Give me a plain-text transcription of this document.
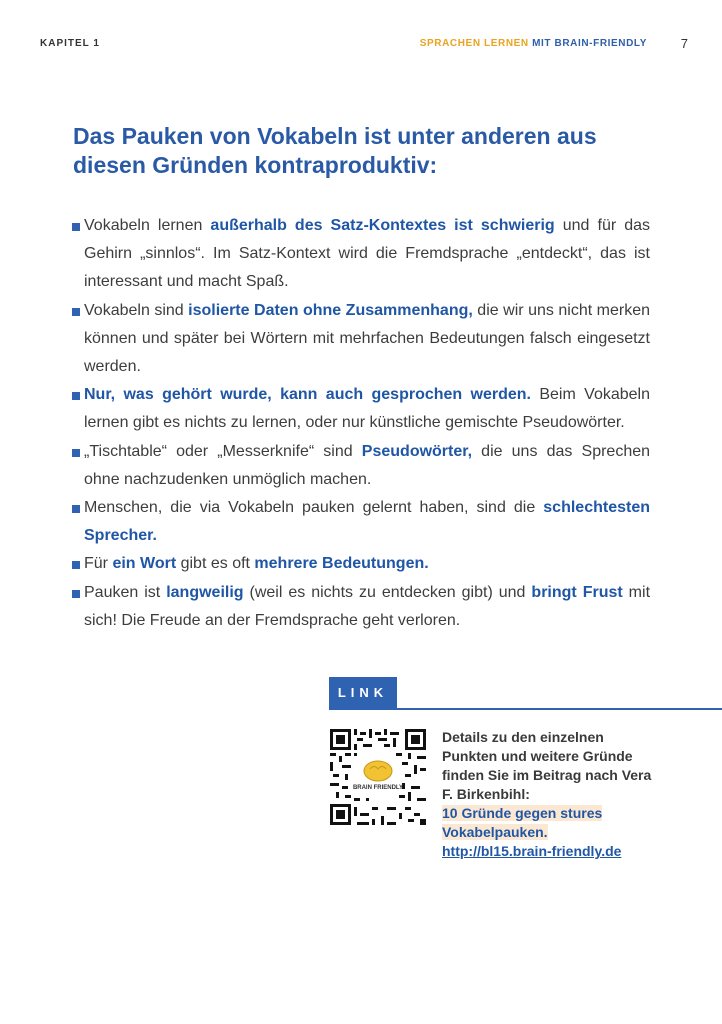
KAPITEL 1	SPRACHEN LERNEN MIT BRAIN-FRIENDLY	7
Das Pauken von Vokabeln ist unter anderen aus diesen Gründen kontraproduktiv:
Vokabeln lernen außerhalb des Satz-Kontextes ist schwierig und für das Gehirn „sinnlos“. Im Satz-Kontext wird die Fremdsprache „entdeckt“, das ist interessant und macht Spaß.
Vokabeln sind isolierte Daten ohne Zusammenhang, die wir uns nicht merken können und später bei Wörtern mit mehrfachen Bedeutungen falsch eingesetzt werden.
Nur, was gehört wurde, kann auch gesprochen werden. Beim Vokabeln lernen gibt es nichts zu lernen, oder nur künstliche gemischte Pseudowörter.
„Tischtable“ oder „Messerknife“ sind Pseudowörter, die uns das Sprechen ohne nachzudenken unmöglich machen.
Menschen, die via Vokabeln pauken gelernt haben, sind die schlechtesten Sprecher.
Für ein Wort gibt es oft mehrere Bedeutungen.
Pauken ist langweilig (weil es nichts zu entdecken gibt) und bringt Frust mit sich! Die Freude an der Fremdsprache geht verloren.
LINK
BRAIN FRIENDLY
Details zu den einzelnen Punkten und weitere Gründe finden Sie im Beitrag nach Vera F. Birkenbihl:
10 Gründe gegen stures Vokabelpauken.
http://bl15.brain-friendly.de
